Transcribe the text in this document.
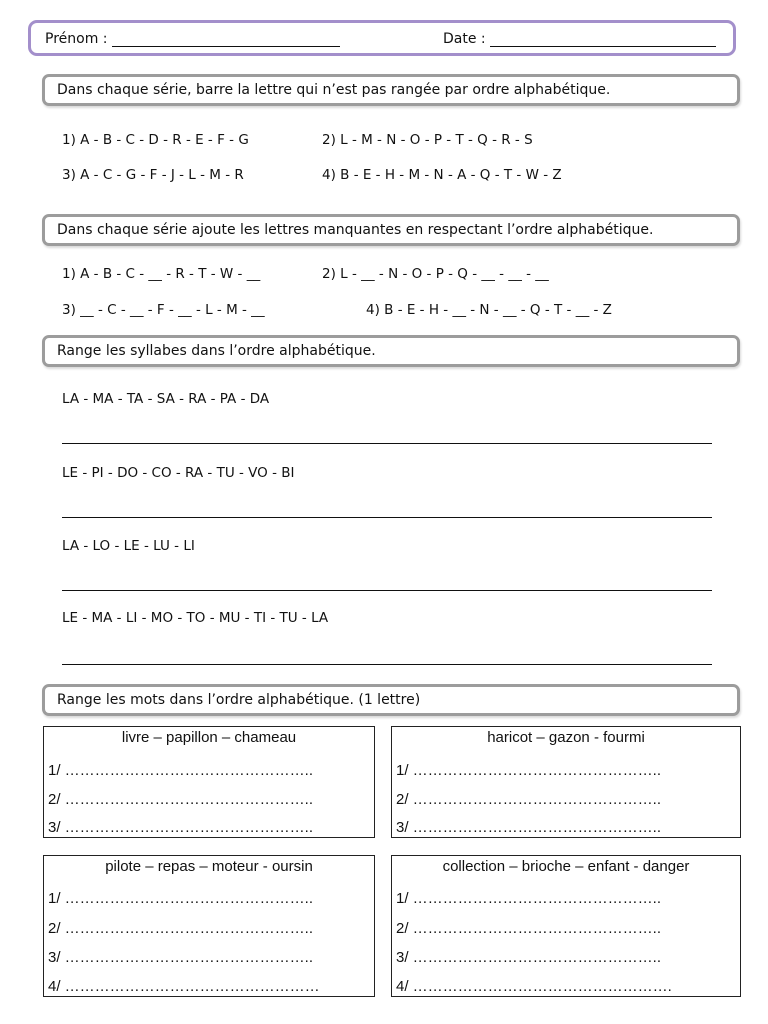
Prénom :	Date :
Dans chaque série, barre la lettre qui n’est pas rangée par ordre alphabétique.
1) A - B - C - D - R - E - F - G	2) L - M - N - O - P - T - Q - R - S
3) A - C - G - F - J - L - M - R	4) B - E - H - M - N - A - Q - T - W - Z
Dans chaque série ajoute les lettres manquantes en respectant l’ordre alphabétique.
1) A - B - C - __ - R - T - W - __	2) L - __ - N - O - P - Q - __ - __ - __
3) __ - C - __ - F - __ - L - M - __	4) B - E - H - __ - N - __ - Q - T - __ - Z
Range les syllabes dans l’ordre alphabétique.
LA - MA - TA - SA - RA - PA - DA
LE - PI - DO - CO - RA - TU - VO - BI
LA - LO - LE - LU - LI
LE - MA - LI - MO - TO - MU - TI - TU - LA
Range les mots dans l’ordre alphabétique. (1 lettre)
livre – papillon – chameau
1/ …………………………………………..
2/ …………………………………………..
3/ …………………………………………..
haricot – gazon - fourmi
1/ …………………………………………..
2/ …………………………………………..
3/ …………………………………………..
pilote – repas – moteur - oursin
1/ …………………………………………..
2/ …………………………………………..
3/ …………………………………………..
4/ ……………………………………………
collection – brioche – enfant - danger
1/ …………………………………………..
2/ …………………………………………..
3/ …………………………………………..
4/ …………………………………………….
